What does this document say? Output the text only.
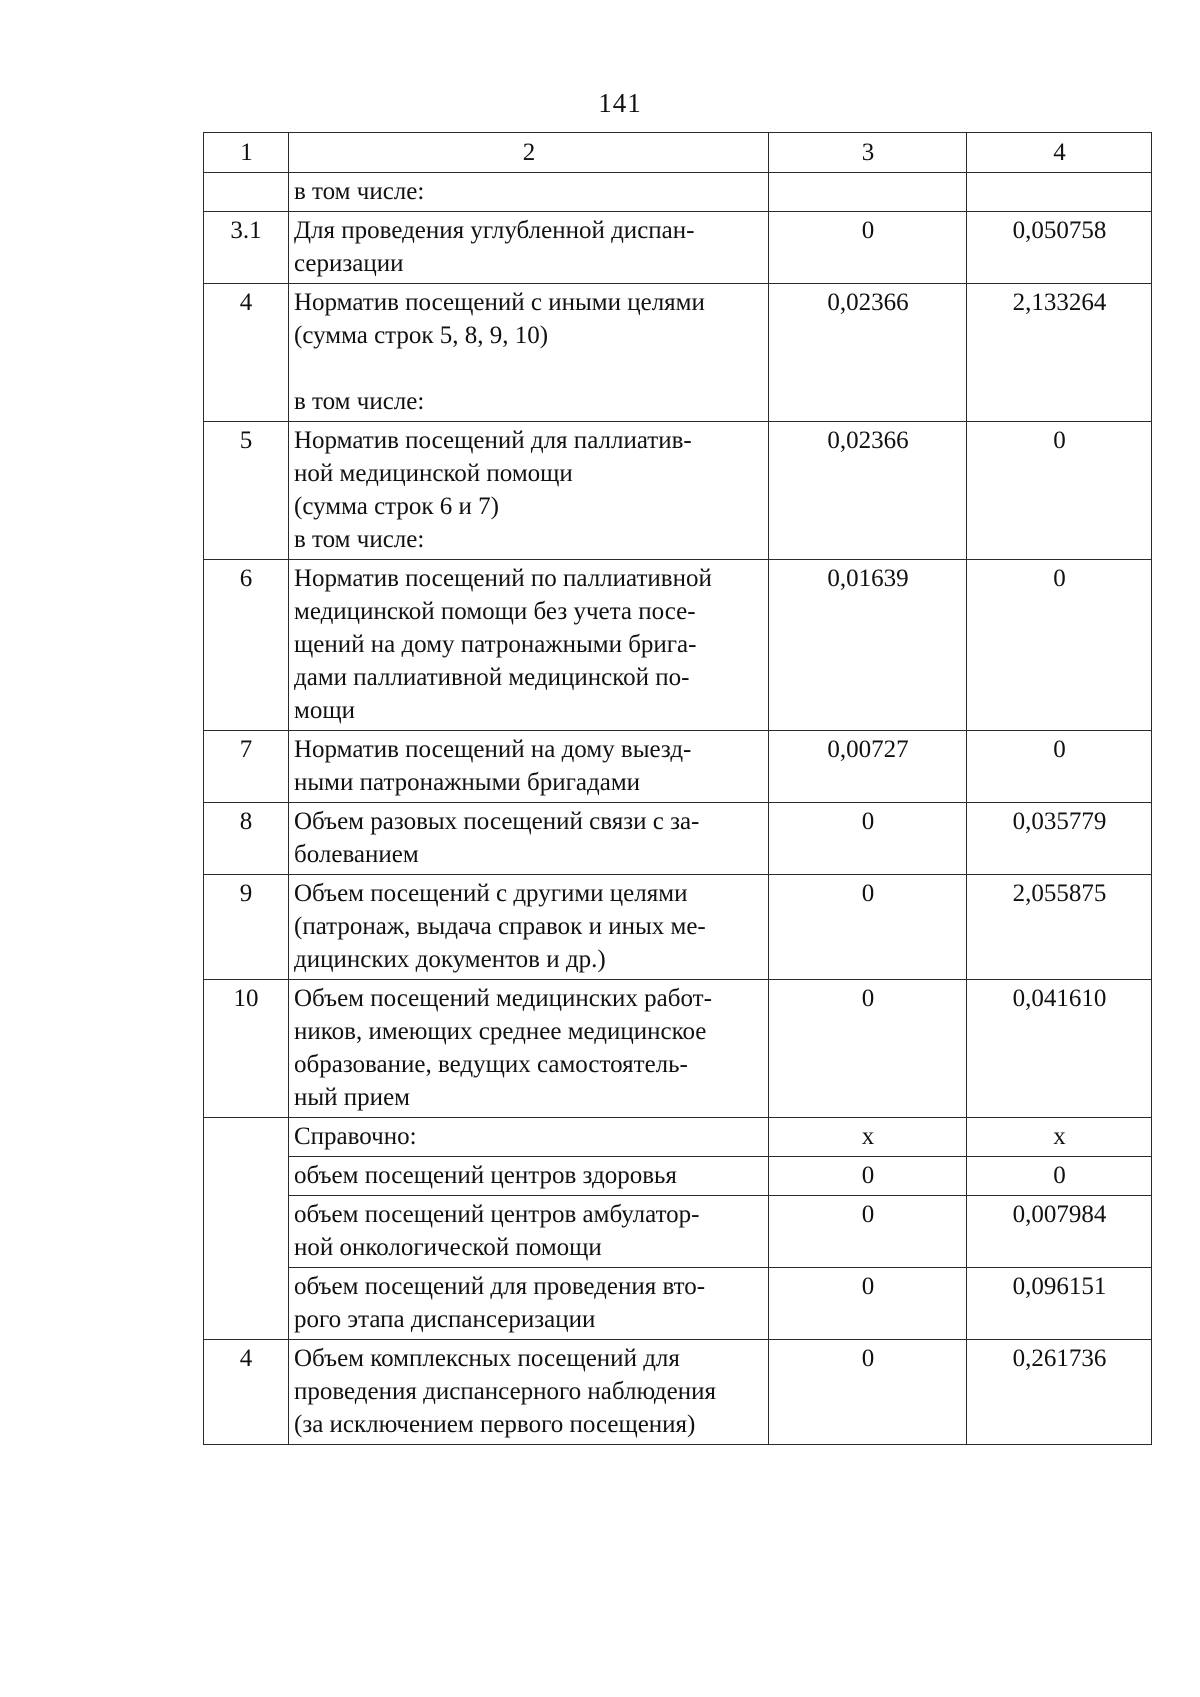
141
1	2	3	4

	в том числе:		

3.1	Для проведения углубленной диспан-
серизации	0	0,050758
4	Норматив посещений с иными целями
(сумма строк 5, 8, 9, 10)
в том числе:	0,02366	2,133264
5	Норматив посещений для паллиатив-
ной медицинской помощи
(сумма строк 6 и 7)
в том числе:	0,02366	0
6	Норматив посещений по паллиативной
медицинской помощи без учета посе-
щений на дому патронажными брига-
дами паллиативной медицинской по-
мощи	0,01639	0
7	Норматив посещений на дому выезд-
ными патронажными бригадами	0,00727	0
8	Объем разовых посещений связи с за-
болеванием	0	0,035779
9	Объем посещений с другими целями
(патронаж, выдача справок и иных ме-
дицинских документов и др.)	0	2,055875
10	Объем посещений медицинских работ-
ников, имеющих среднее медицинское
образование, ведущих самостоятель-
ный прием	0	0,041610

	Справочно:	x	x

	объем посещений центров здоровья	0	0

	объем посещений центров амбулатор-
ной онкологической помощи	0	0,007984

	объем посещений для проведения вто-
рого этапа диспансеризации	0	0,096151
4	Объем комплексных посещений для
проведения диспансерного наблюдения
(за исключением первого посещения)	0	0,261736
